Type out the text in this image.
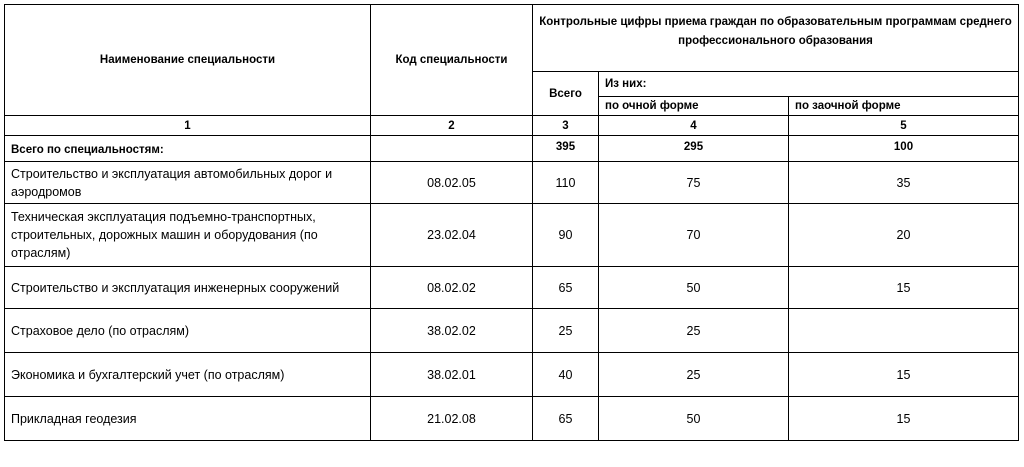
Наименование специальности	Код специальности	Контрольные цифры приема граждан по образовательным программам среднего профессионального образования		
		Всего	Из них:	
			по очной форме	по заочной форме
1	2	3	4	5
Всего по специальностям:		395	295	100
Строительство и эксплуатация автомобильных дорог и аэродромов	08.02.05	110	75	35
Техническая эксплуатация подъемно-транспортных, строительных, дорожных машин и оборудования (по отраслям)	23.02.04	90	70	20
Строительство и эксплуатация инженерных сооружений	08.02.02	65	50	15
Страховое дело (по отраслям)	38.02.02	25	25	
Экономика и бухгалтерский учет (по отраслям)	38.02.01	40	25	15
Прикладная геодезия	21.02.08	65	50	15
